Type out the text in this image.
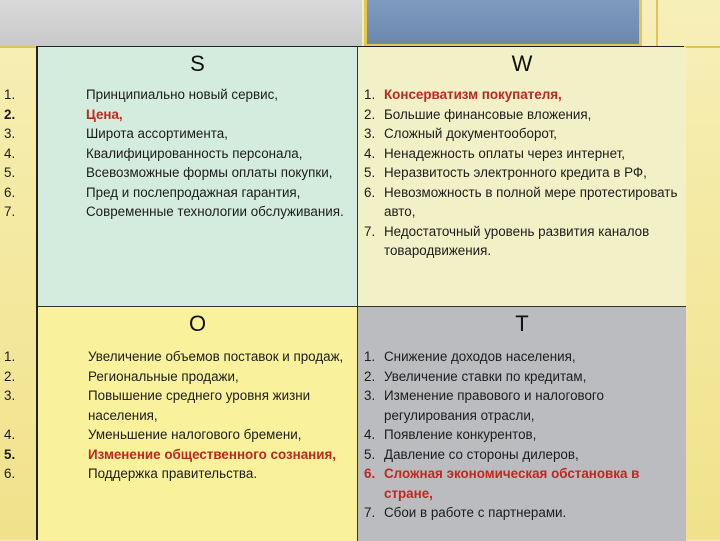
S
1.	Принципиально новый сервис,
2.	Цена,
3.	Широта ассортимента,
4.	Квалифицированность персонала,
5.	Всевозможные формы оплаты покупки,
6.	Пред и послепродажная гарантия,
7.	Современные технологии обслуживания.
W
1. Консерватизм покупателя,
2. Большие финансовые вложения,
3. Сложный документооборот,
4. Ненадежность оплаты через интернет,
5. Неразвитость электронного кредита в РФ,
6. Невозможность в полной мере протестировать авто,
7. Недостаточный уровень развития каналов товародвижения.
O
1.	Увеличение объемов поставок и продаж,
2.	Региональные продажи,
3.	Повышение среднего уровня жизни населения,
4.	Уменьшение налогового бремени,
5.	Изменение общественного сознания,
6.	Поддержка правительства.
T
1. Снижение доходов населения,
2. Увеличение ставки по кредитам,
3. Изменение правового и налогового регулирования отрасли,
4. Появление конкурентов,
5. Давление со стороны дилеров,
6. Сложная экономическая обстановка в стране,
7. Сбои в работе с партнерами.
